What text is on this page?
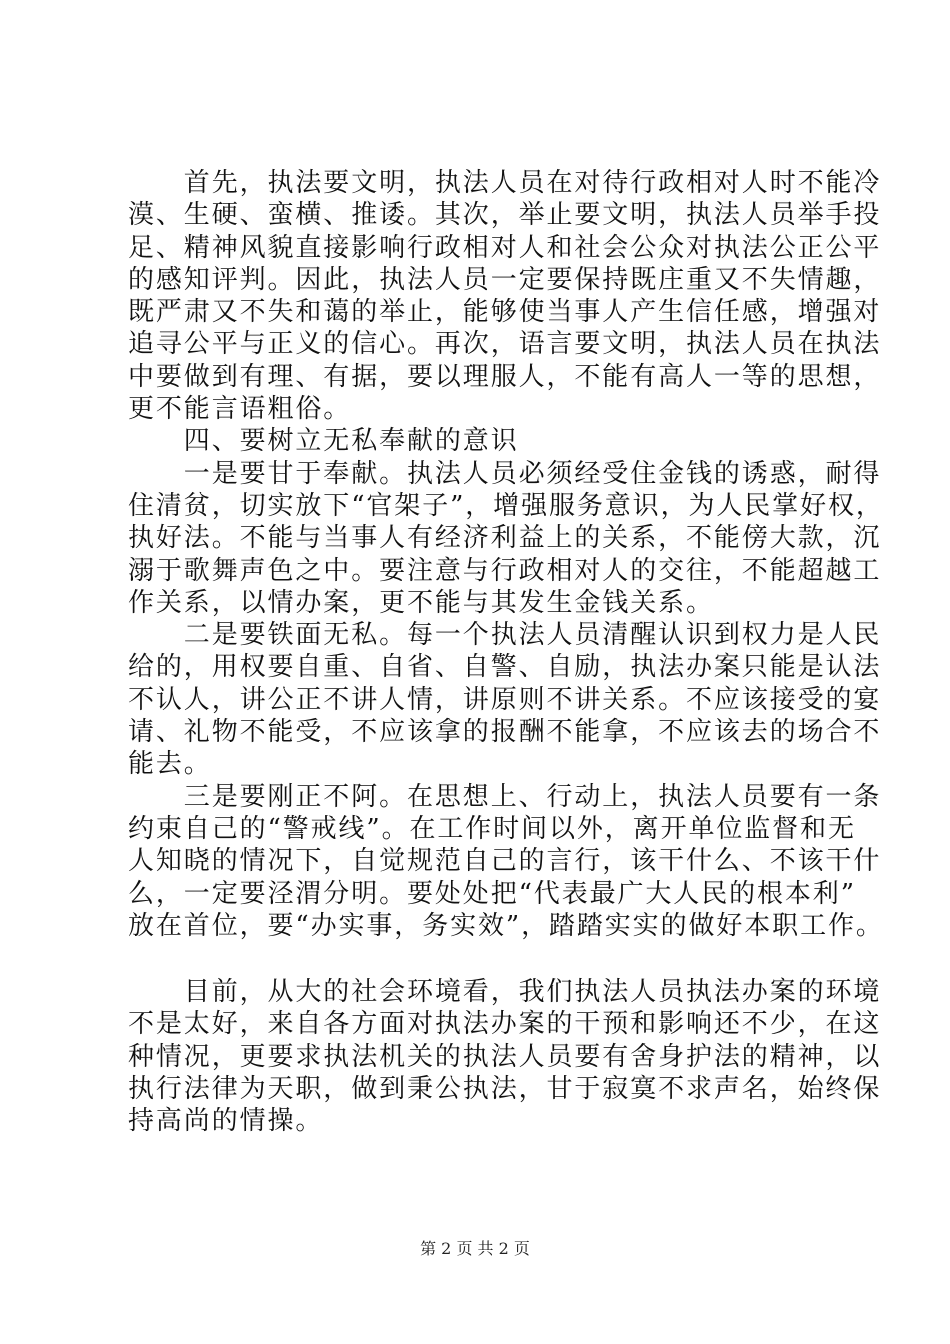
　　首先，执法要文明，执法人员在对待行政相对人时不能冷
漠、生硬、蛮横、推诿。其次，举止要文明，执法人员举手投
足、精神风貌直接影响行政相对人和社会公众对执法公正公平
的感知评判。因此，执法人员一定要保持既庄重又不失情趣，
既严肃又不失和蔼的举止，能够使当事人产生信任感，增强对
追寻公平与正义的信心。再次，语言要文明，执法人员在执法
中要做到有理、有据，要以理服人，不能有高人一等的思想，
更不能言语粗俗。
　　四、要树立无私奉献的意识
　　一是要甘于奉献。执法人员必须经受住金钱的诱惑，耐得
住清贫，切实放下“官架子”，增强服务意识，为人民掌好权，
执好法。不能与当事人有经济利益上的关系，不能傍大款，沉
溺于歌舞声色之中。要注意与行政相对人的交往，不能超越工
作关系，以情办案，更不能与其发生金钱关系。
　　二是要铁面无私。每一个执法人员清醒认识到权力是人民
给的，用权要自重、自省、自警、自励，执法办案只能是认法
不认人，讲公正不讲人情，讲原则不讲关系。不应该接受的宴
请、礼物不能受，不应该拿的报酬不能拿，不应该去的场合不
能去。
　　三是要刚正不阿。在思想上、行动上，执法人员要有一条
约束自己的“警戒线”。在工作时间以外，离开单位监督和无
人知晓的情况下，自觉规范自己的言行，该干什么、不该干什
么，一定要泾渭分明。要处处把“代表最广大人民的根本利”
放在首位，要“办实事，务实效”，踏踏实实的做好本职工作。
　　目前，从大的社会环境看，我们执法人员执法办案的环境
不是太好，来自各方面对执法办案的干预和影响还不少，在这
种情况，更要求执法机关的执法人员要有舍身护法的精神，以
执行法律为天职，做到秉公执法，甘于寂寞不求声名，始终保
持高尚的情操。
第 2 页 共 2 页
